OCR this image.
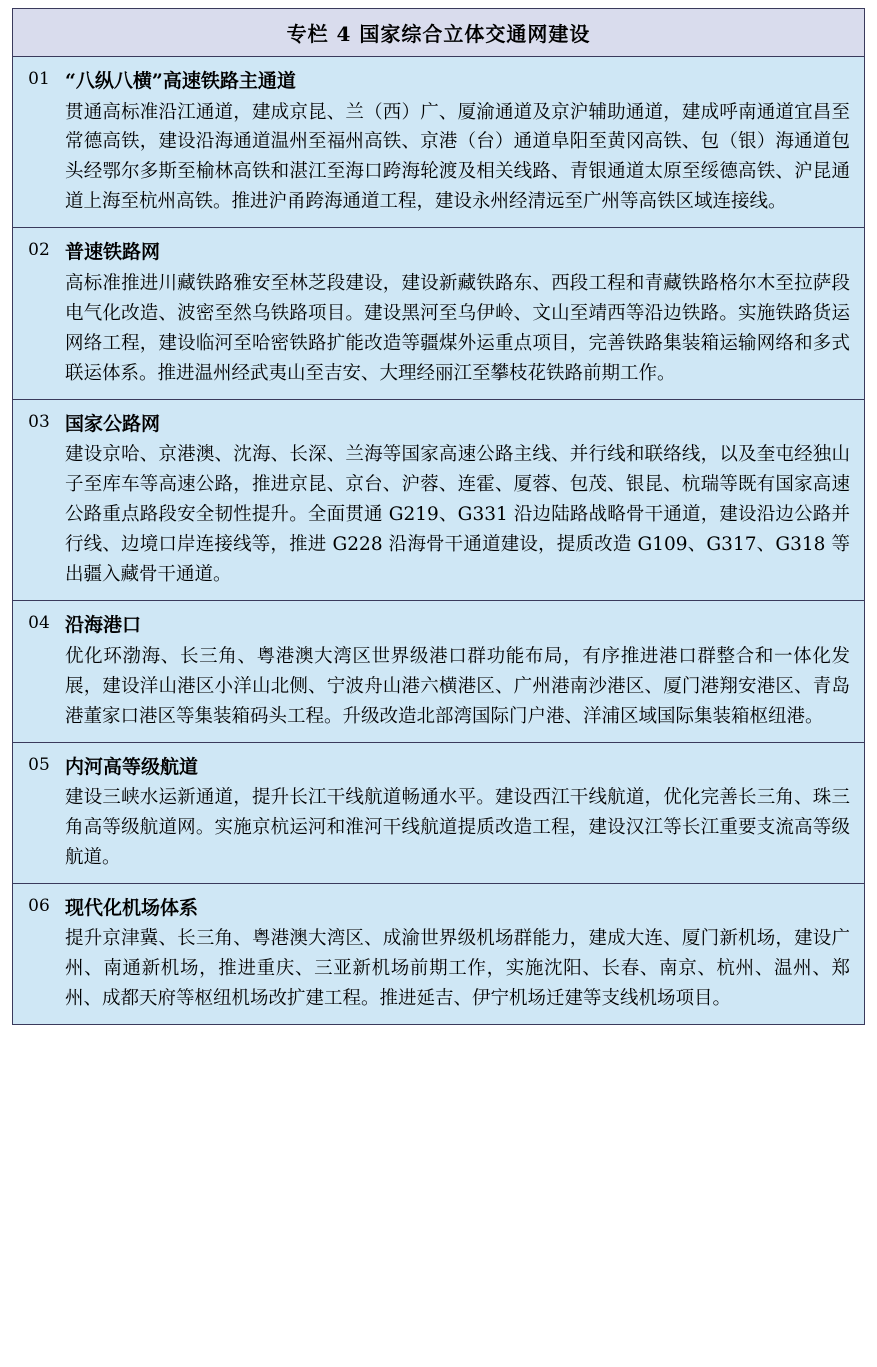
专栏 4 国家综合立体交通网建设
01 “八纵八横”高速铁路主通道
贯通高标准沿江通道，建成京昆、兰（西）广、厦渝通道及京沪辅助通道，建成呼南通道宜昌至常德高铁，建设沿海通道温州至福州高铁、京港（台）通道阜阳至黄冈高铁、包（银）海通道包头经鄂尔多斯至榆林高铁和湛江至海口跨海轮渡及相关线路、青银通道太原至绥德高铁、沪昆通道上海至杭州高铁。推进沪甬跨海通道工程，建设永州经清远至广州等高铁区域连接线。
02 普速铁路网
高标准推进川藏铁路雅安至林芝段建设，建设新藏铁路东、西段工程和青藏铁路格尔木至拉萨段电气化改造、波密至然乌铁路项目。建设黑河至乌伊岭、文山至靖西等沿边铁路。实施铁路货运网络工程，建设临河至哈密铁路扩能改造等疆煤外运重点项目，完善铁路集装箱运输网络和多式联运体系。推进温州经武夷山至吉安、大理经丽江至攀枝花铁路前期工作。
03 国家公路网
建设京哈、京港澳、沈海、长深、兰海等国家高速公路主线、并行线和联络线，以及奎屯经独山子至库车等高速公路，推进京昆、京台、沪蓉、连霍、厦蓉、包茂、银昆、杭瑞等既有国家高速公路重点路段安全韧性提升。全面贯通 G219、G331 沿边陆路战略骨干通道，建设沿边公路并行线、边境口岸连接线等，推进 G228 沿海骨干通道建设，提质改造 G109、G317、G318 等出疆入藏骨干通道。
04 沿海港口
优化环渤海、长三角、粤港澳大湾区世界级港口群功能布局，有序推进港口群整合和一体化发展，建设洋山港区小洋山北侧、宁波舟山港六横港区、广州港南沙港区、厦门港翔安港区、青岛港董家口港区等集装箱码头工程。升级改造北部湾国际门户港、洋浦区域国际集装箱枢纽港。
05 内河高等级航道
建设三峡水运新通道，提升长江干线航道畅通水平。建设西江干线航道，优化完善长三角、珠三角高等级航道网。实施京杭运河和淮河干线航道提质改造工程，建设汉江等长江重要支流高等级航道。
06 现代化机场体系
提升京津冀、长三角、粤港澳大湾区、成渝世界级机场群能力，建成大连、厦门新机场，建设广州、南通新机场，推进重庆、三亚新机场前期工作，实施沈阳、长春、南京、杭州、温州、郑州、成都天府等枢纽机场改扩建工程。推进延吉、伊宁机场迁建等支线机场项目。
